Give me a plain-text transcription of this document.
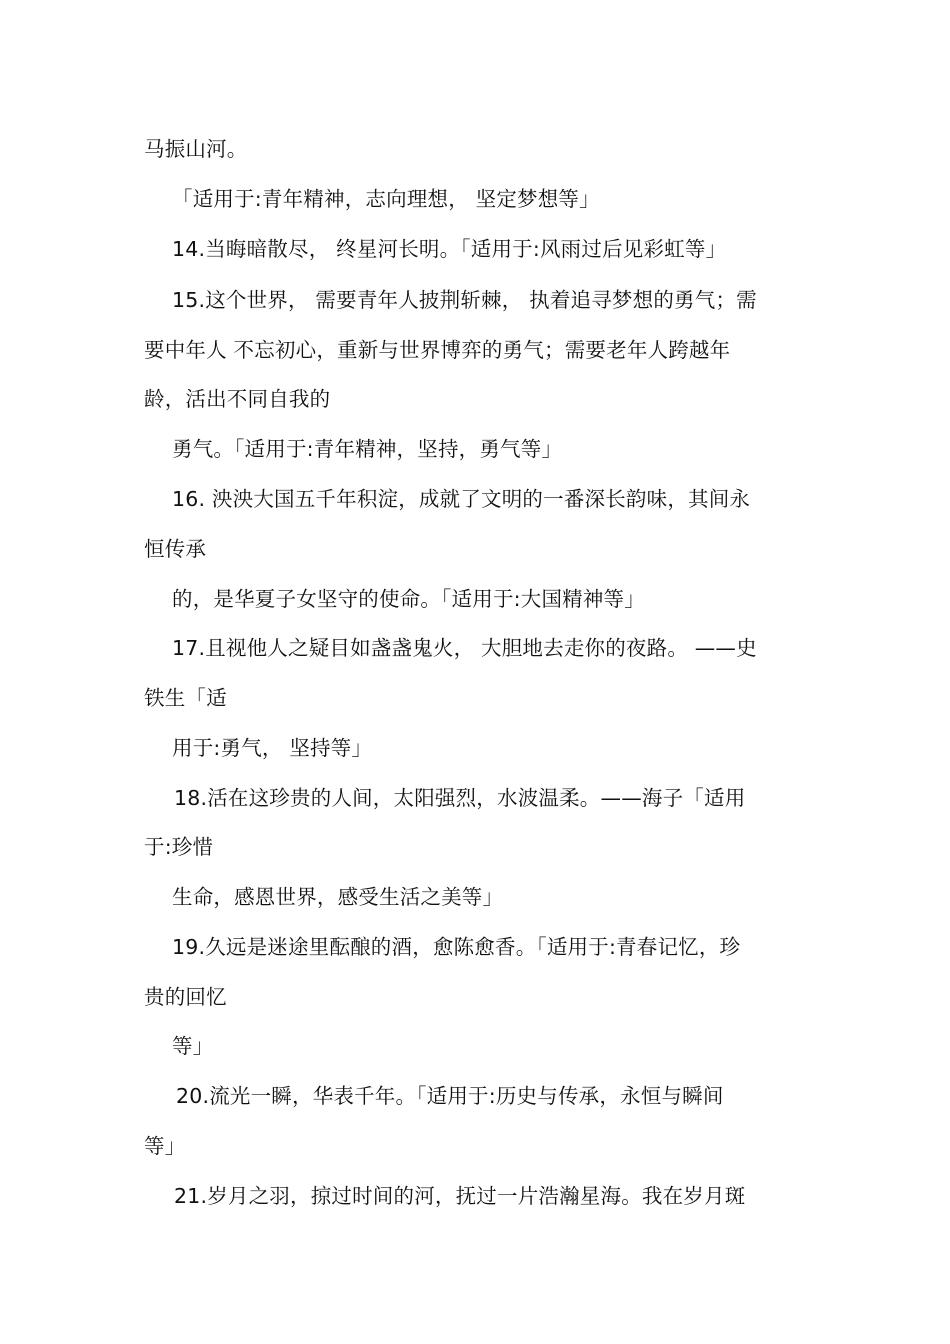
马振山河。
「适用于:青年精神，志向理想， 坚定梦想等」
14.当晦暗散尽， 终星河长明。「适用于:风雨过后见彩虹等」
15.这个世界， 需要青年人披荆斩棘， 执着追寻梦想的勇气；需
要中年人 不忘初心，重新与世界博弈的勇气；需要老年人跨越年
龄，活出不同自我的
勇气。「适用于:青年精神，坚持，勇气等」
16. 泱泱大国五千年积淀，成就了文明的一番深长韵味，其间永
恒传承
的，是华夏子女坚守的使命。「适用于:大国精神等」
17.且视他人之疑目如盏盏鬼火， 大胆地去走你的夜路。 ——史
铁生「适
用于:勇气， 坚持等」
18.活在这珍贵的人间，太阳强烈，水波温柔。——海子「适用
于:珍惜
生命，感恩世界，感受生活之美等」
19.久远是迷途里酝酿的酒，愈陈愈香。「适用于:青春记忆，珍
贵的回忆
等」
20.流光一瞬，华表千年。「适用于:历史与传承，永恒与瞬间
等」
21.岁月之羽，掠过时间的河，抚过一片浩瀚星海。我在岁月斑
